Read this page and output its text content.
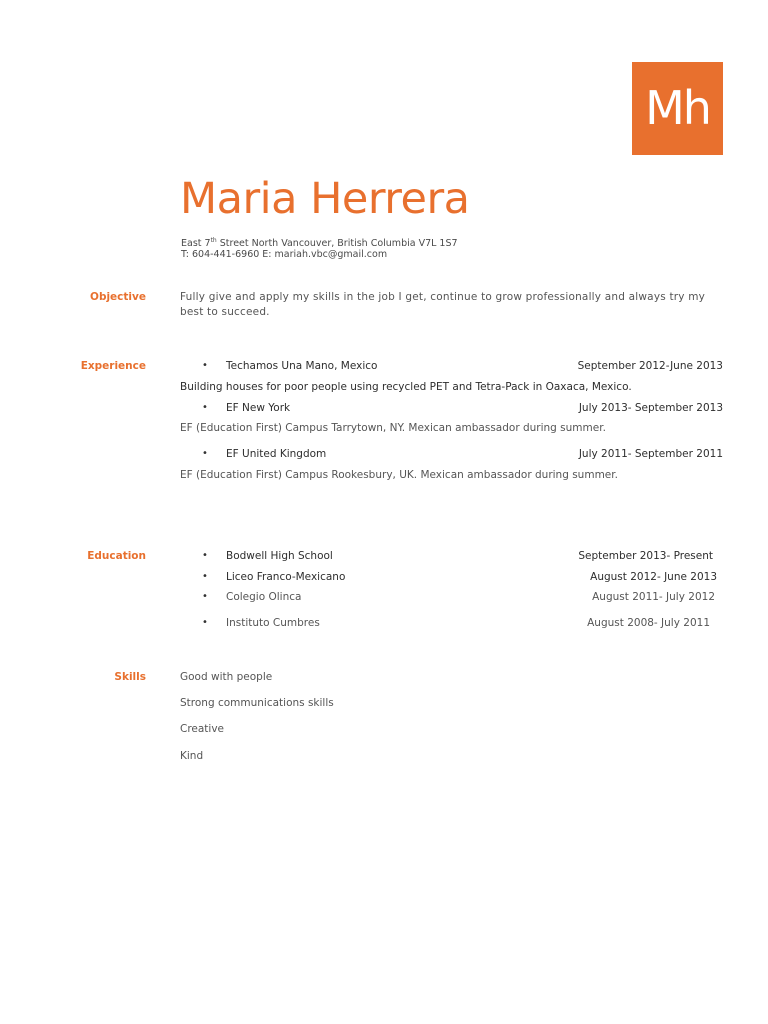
Mh
Maria Herrera
East 7th Street North Vancouver, British Columbia V7L 1S7
T: 604-441-6960 E: mariah.vbc@gmail.com
Objective	Fully give and apply my skills in the job I get, continue to grow professionally and always try my best to succeed.
Experience	• Techamos Una Mano, Mexico	September 2012-June 2013
Building houses for poor people using recycled PET and Tetra-Pack in Oaxaca, Mexico.
• EF New York	July 2013- September 2013
EF (Education First) Campus Tarrytown, NY. Mexican ambassador during summer.
• EF United Kingdom	July 2011- September 2011
EF (Education First) Campus Rookesbury, UK. Mexican ambassador during summer.
Education	• Bodwell High School	September 2013- Present
• Liceo Franco-Mexicano	August 2012- June 2013
• Colegio Olinca	August 2011- July 2012
• Instituto Cumbres	August 2008- July 2011
Skills	Good with people
Strong communications skills
Creative
Kind
